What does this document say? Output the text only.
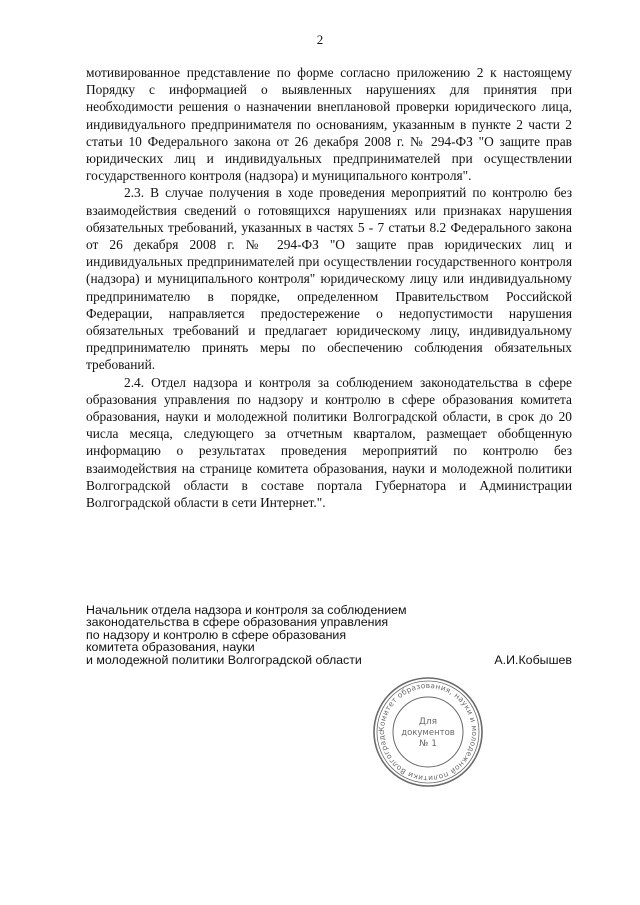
2

мотивированное представление по форме согласно приложению 2 к настоящему Порядку с информацией о выявленных нарушениях для принятия при необходимости решения о назначении внеплановой проверки юридического лица, индивидуального предпринимателя по основаниям, указанным в пункте 2 части 2 статьи 10 Федерального закона от 26 декабря 2008 г. № 294-ФЗ "О защите прав юридических лиц и индивидуальных предпринимателей при осуществлении государственного контроля (надзора) и муниципального контроля".

2.3. В случае получения в ходе проведения мероприятий по контролю без взаимодействия сведений о готовящихся нарушениях или признаках нарушения обязательных требований, указанных в частях 5 - 7 статьи 8.2 Федерального закона от 26 декабря 2008 г. № 294-ФЗ "О защите прав юридических лиц и индивидуальных предпринимателей при осуществлении государственного контроля (надзора) и муниципального контроля" юридическому лицу или индивидуальному предпринимателю в порядке, определенном Правительством Российской Федерации, направляется предостережение о недопустимости нарушения обязательных требований и предлагает юридическому лицу, индивидуальному предпринимателю принять меры по обеспечению соблюдения обязательных требований.

2.4. Отдел надзора и контроля за соблюдением законодательства в сфере образования управления по надзору и контролю в сфере образования комитета образования, науки и молодежной политики Волгоградской области, в срок до 20 числа месяца, следующего за отчетным кварталом, размещает обобщенную информацию о результатах проведения мероприятий по контролю без взаимодействия на странице комитета образования, науки и молодежной политики Волгоградской области в составе портала Губернатора и Администрации Волгоградской области в сети Интернет.".

Начальник отдела надзора и контроля за соблюдением
законодательства в сфере образования управления
по надзору и контролю в сфере образования
комитета образования, науки
и молодежной политики Волгоградской области	А.И.Кобышев
Комитет образования, науки и молодежной политики Волгоградс
Для
документов
№ 1
